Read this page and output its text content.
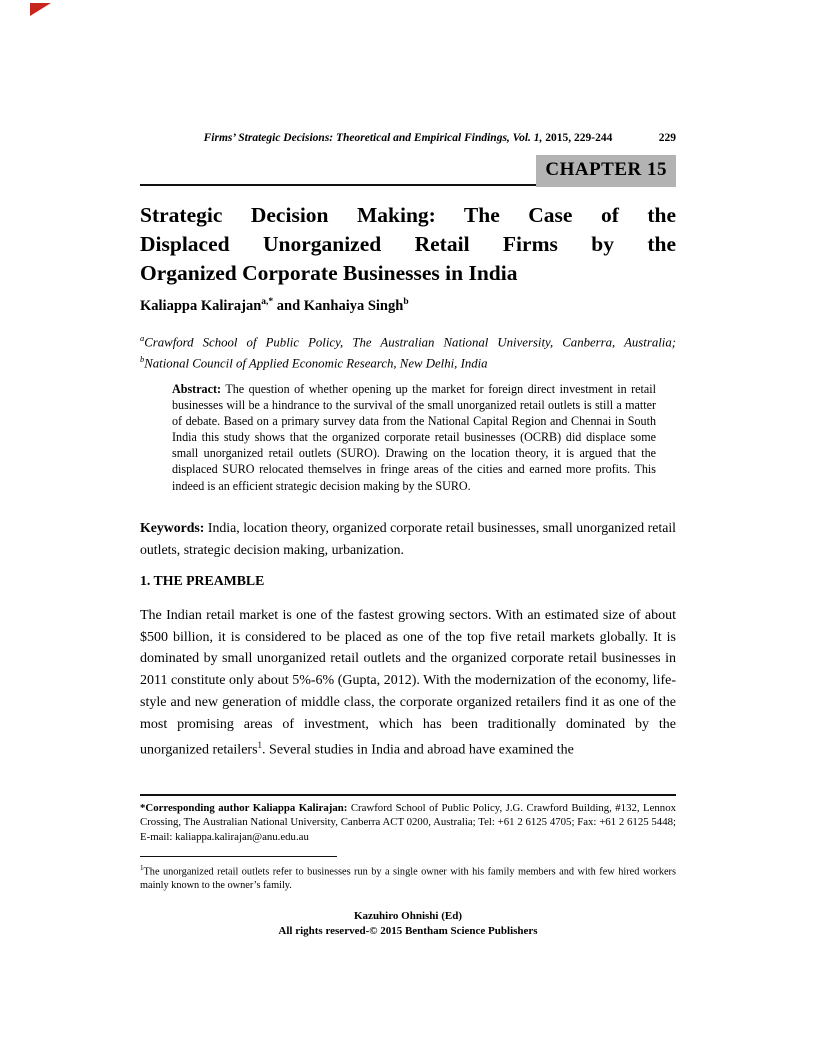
Firms’ Strategic Decisions: Theoretical and Empirical Findings, Vol. 1, 2015, 229-244	229
CHAPTER 15
Strategic Decision Making: The Case of the
Displaced Unorganized Retail Firms by the
Organized Corporate Businesses in India
Kaliappa Kalirajan$^{a,*}$ and Kanhaiya Singh$^b$
$^a$Crawford School of Public Policy, The Australian National University, Canberra, Australia;
$^b$National Council of Applied Economic Research, New Delhi, India
Abstract: The question of whether opening up the market for foreign direct investment in retail businesses will be a hindrance to the survival of the small unorganized retail outlets is still a matter of debate. Based on a primary survey data from the National Capital Region and Chennai in South India this study shows that the organized corporate retail businesses (OCRB) did displace some small unorganized retail outlets (SURO). Drawing on the location theory, it is argued that the displaced SURO relocated themselves in fringe areas of the cities and earned more profits. This indeed is an efficient strategic decision making by the SURO.
Keywords: India, location theory, organized corporate retail businesses, small unorganized retail outlets, strategic decision making, urbanization.
1. THE PREAMBLE
The Indian retail market is one of the fastest growing sectors. With an estimated size of about $500 billion, it is considered to be placed as one of the top five retail markets globally. It is dominated by small unorganized retail outlets and the organized corporate retail businesses in 2011 constitute only about 5%-6% (Gupta, 2012). With the modernization of the economy, life-style and new generation of middle class, the corporate organized retailers find it as one of the most promising areas of investment, which has been traditionally dominated by the unorganized retailers$^1$. Several studies in India and abroad have examined the
*Corresponding author Kaliappa Kalirajan: Crawford School of Public Policy, J.G. Crawford Building, #132, Lennox Crossing, The Australian National University, Canberra ACT 0200, Australia; Tel: +61 2 6125 4705; Fax: +61 2 6125 5448; E-mail: kaliappa.kalirajan@anu.edu.au
$^1$The unorganized retail outlets refer to businesses run by a single owner with his family members and with few hired workers mainly known to the owner’s family.
Kazuhiro Ohnishi (Ed)
All rights reserved-© 2015 Bentham Science Publishers
